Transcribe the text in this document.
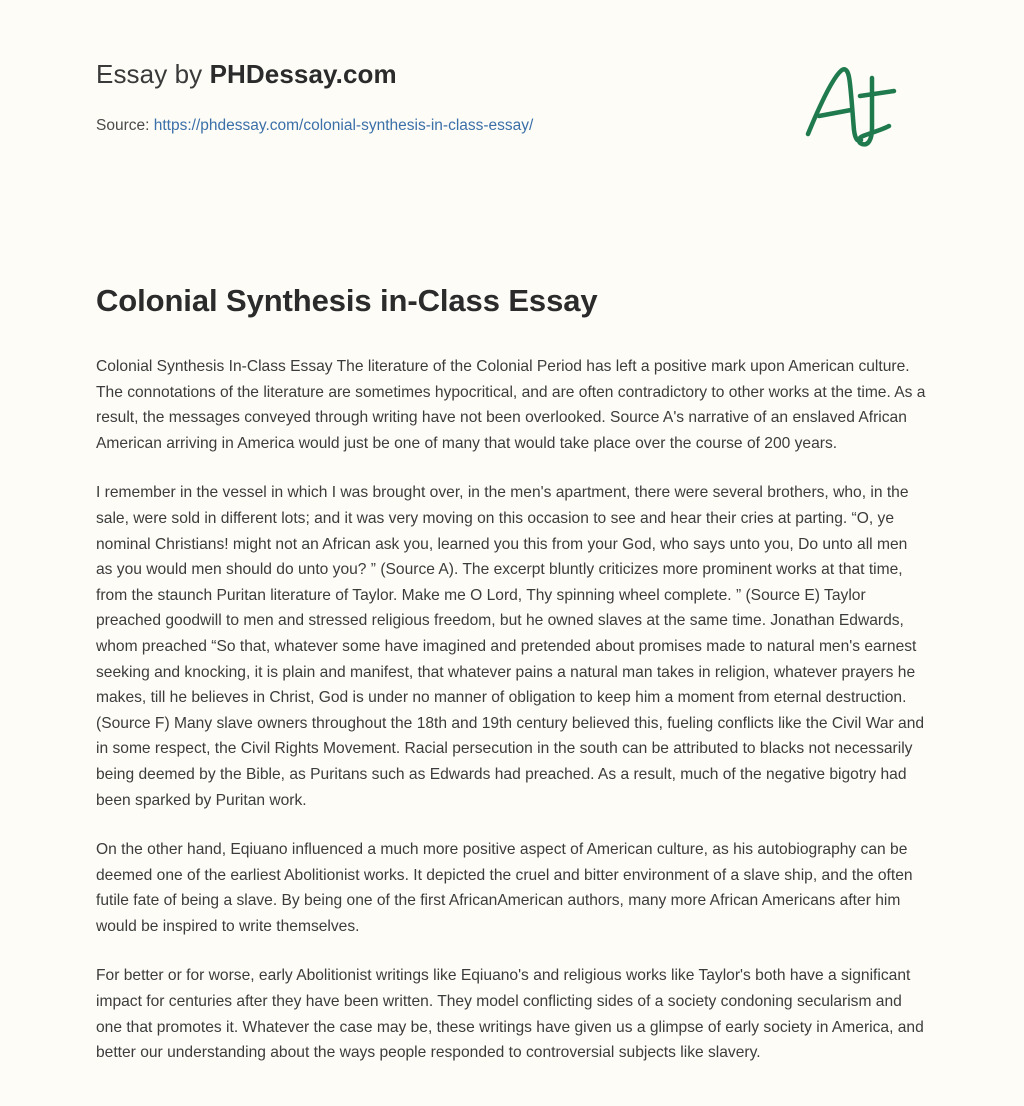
Essay by PHDessay.com
Source: https://phdessay.com/colonial-synthesis-in-class-essay/
Colonial Synthesis in-Class Essay

Colonial Synthesis In-Class Essay The literature of the Colonial Period has left a positive mark upon American culture. The connotations of the literature are sometimes hypocritical, and are often contradictory to other works at the time. As a result, the messages conveyed through writing have not been overlooked. Source A's narrative of an enslaved African American arriving in America would just be one of many that would take place over the course of 200 years.

I remember in the vessel in which I was brought over, in the men's apartment, there were several brothers, who, in the sale, were sold in different lots; and it was very moving on this occasion to see and hear their cries at parting. “O, ye nominal Christians! might not an African ask you, learned you this from your God, who says unto you, Do unto all men as you would men should do unto you? ” (Source A). The excerpt bluntly criticizes more prominent works at that time, from the staunch Puritan literature of Taylor. Make me O Lord, Thy spinning wheel complete. ” (Source E) Taylor preached goodwill to men and stressed religious freedom, but he owned slaves at the same time. Jonathan Edwards, whom preached “So that, whatever some have imagined and pretended about promises made to natural men's earnest seeking and knocking, it is plain and manifest, that whatever pains a natural man takes in religion, whatever prayers he makes, till he believes in Christ, God is under no manner of obligation to keep him a moment from eternal destruction. (Source F) Many slave owners throughout the 18th and 19th century believed this, fueling conflicts like the Civil War and in some respect, the Civil Rights Movement. Racial persecution in the south can be attributed to blacks not necessarily being deemed by the Bible, as Puritans such as Edwards had preached. As a result, much of the negative bigotry had been sparked by Puritan work.

On the other hand, Eqiuano influenced a much more positive aspect of American culture, as his autobiography can be deemed one of the earliest Abolitionist works. It depicted the cruel and bitter environment of a slave ship, and the often futile fate of being a slave. By being one of the first AfricanAmerican authors, many more African Americans after him would be inspired to write themselves.

For better or for worse, early Abolitionist writings like Eqiuano's and religious works like Taylor's both have a significant impact for centuries after they have been written. They model conflicting sides of a society condoning secularism and one that promotes it. Whatever the case may be, these writings have given us a glimpse of early society in America, and better our understanding about the ways people responded to controversial subjects like slavery.
